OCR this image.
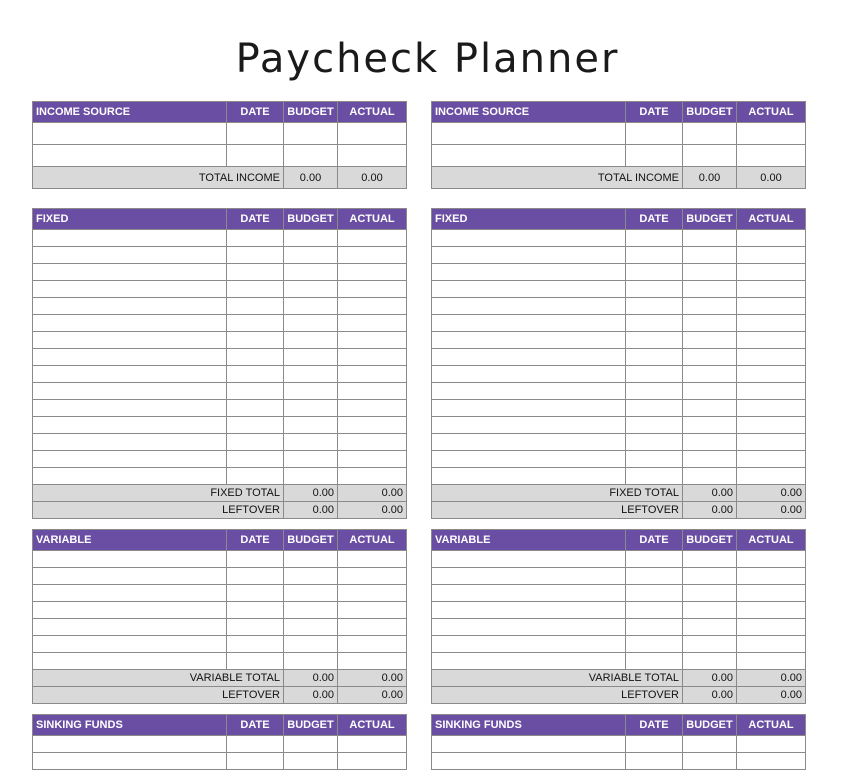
Paycheck Planner
INCOME SOURCE	DATE	BUDGET	ACTUAL

TOTAL INCOME		0.00	0.00
FIXED	DATE	BUDGET	ACTUAL

FIXED TOTAL		0.00	0.00
LEFTOVER		0.00	0.00
VARIABLE	DATE	BUDGET	ACTUAL

VARIABLE TOTAL		0.00	0.00
LEFTOVER		0.00	0.00
SINKING FUNDS	DATE	BUDGET	ACTUAL

INCOME SOURCE	DATE	BUDGET	ACTUAL

TOTAL INCOME		0.00	0.00
FIXED	DATE	BUDGET	ACTUAL

FIXED TOTAL		0.00	0.00
LEFTOVER		0.00	0.00
VARIABLE	DATE	BUDGET	ACTUAL

VARIABLE TOTAL		0.00	0.00
LEFTOVER		0.00	0.00
SINKING FUNDS	DATE	BUDGET	ACTUAL
